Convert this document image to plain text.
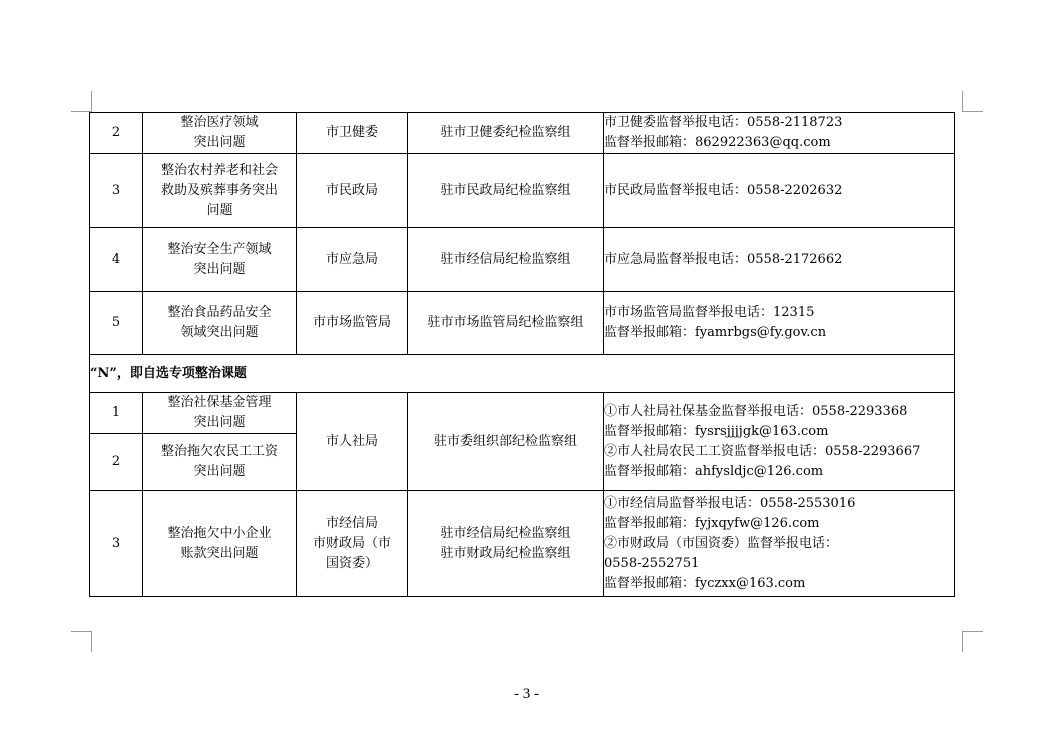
2	整治医疗领域
突出问题	市卫健委	驻市卫健委纪检监察组	市卫健委监督举报电话：0558-2118723
监督举报邮箱：862922363@qq.com

3	整治农村养老和社会
救助及殡葬事务突出
问题	市民政局	驻市民政局纪检监察组	市民政局监督举报电话：0558-2202632

4	整治安全生产领域
突出问题	市应急局	驻市经信局纪检监察组	市应急局监督举报电话：0558-2172662

5	整治食品药品安全
领域突出问题	市市场监管局	驻市市场监管局纪检监察组	市市场监管局监督举报电话：12315
监督举报邮箱：fyamrbgs@fy.gov.cn

“N”，即自选专项整治课题				
1	整治社保基金管理
突出问题	市人社局	驻市委组织部纪检监察组	①市人社局社保基金监督举报电话：0558-2293368
监督举报邮箱：fysrsjjjjgk@163.com
②市人社局农民工工资监督举报电话：0558-2293667
监督举报邮箱：ahfysldjc@126.com

2	整治拖欠农民工工资
突出问题			

3	整治拖欠中小企业
账款突出问题	市经信局
市财政局（市
国资委）	驻市经信局纪检监察组
驻市财政局纪检监察组	①市经信局监督举报电话：0558-2553016
监督举报邮箱：fyjxqyfw@126.com
②市财政局（市国资委）监督举报电话：
0558-2552751
监督举报邮箱：fyczxx@163.com
- 3 -
